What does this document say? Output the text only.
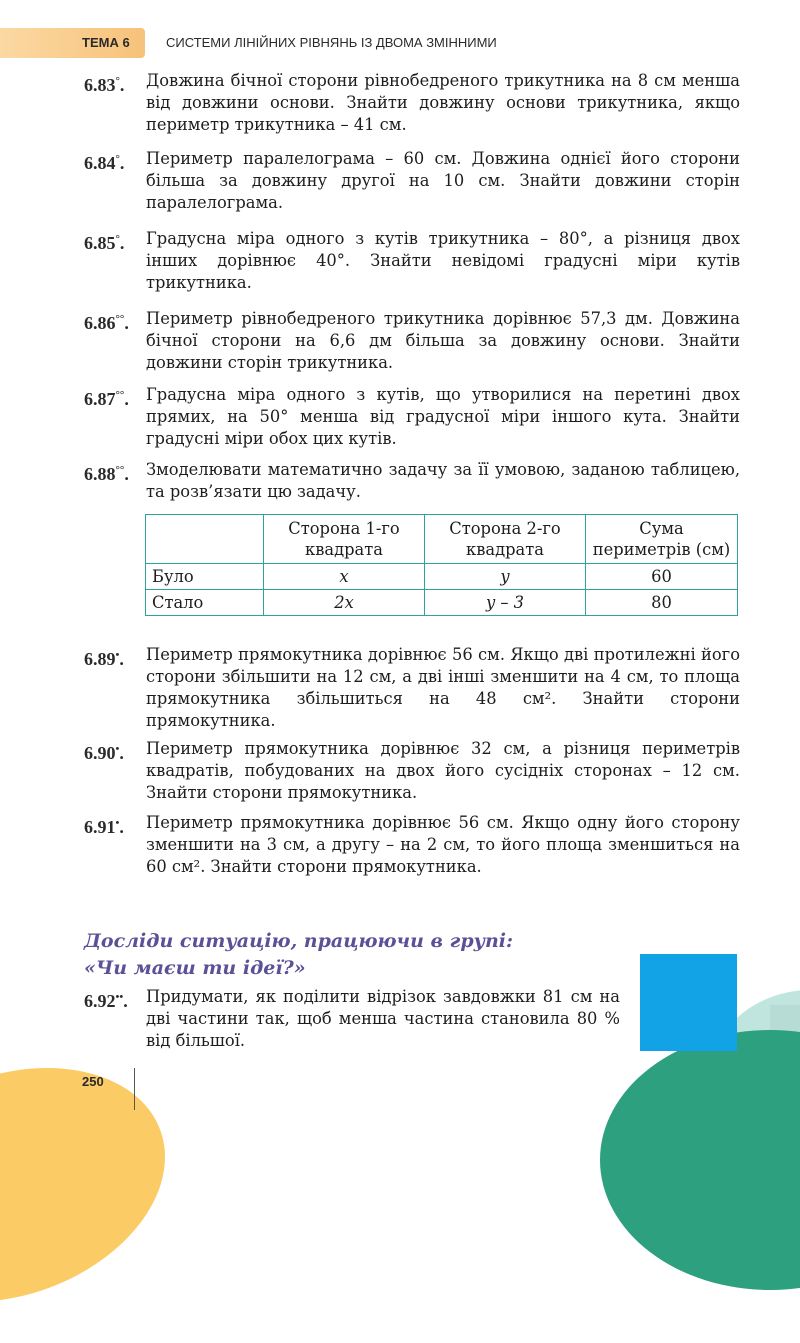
ТЕМА 6	СИСТЕМИ ЛІНІЙНИХ РІВНЯНЬ ІЗ ДВОМА ЗМІННИМИ
6.83°. Довжина бічної сторони рівнобедреного трикутника на 8 см менша від довжини основи. Знайти довжину основи трикутника, якщо периметр трикутника – 41 см.
6.84°. Периметр паралелограма – 60 см. Довжина однієї його сторони більша за довжину другої на 10 см. Знайти довжини сторін паралелограма.
6.85°. Градусна міра одного з кутів трикутника – 80°, а різниця двох інших дорівнює 40°. Знайти невідомі градусні міри кутів трикутника.
6.86°°. Периметр рівнобедреного трикутника дорівнює 57,3 дм. Довжина бічної сторони на 6,6 дм більша за довжину основи. Знайти довжини сторін трикутника.
6.87°°. Градусна міра одного з кутів, що утворилися на перетині двох прямих, на 50° менша від градусної міри іншого кута. Знайти градусні міри обох цих кутів.
6.88°°. Змоделювати математично задачу за її умовою, заданою таблицею, та розв’язати цю задачу.
	Сторона 1-го квадрата	Сторона 2-го квадрата	Сума периметрів (см)
Було	x	y	60
Стало	2x	y – 3	80
6.89•. Периметр прямокутника дорівнює 56 см. Якщо дві протилежні його сторони збільшити на 12 см, а дві інші зменшити на 4 см, то площа прямокутника збільшиться на 48 см². Знайти сторони прямокутника.
6.90•. Периметр прямокутника дорівнює 32 см, а різниця периметрів квадратів, побудованих на двох його сусідніх сторонах – 12 см. Знайти сторони прямокутника.
6.91•. Периметр прямокутника дорівнює 56 см. Якщо одну його сторону зменшити на 3 см, а другу – на 2 см, то його площа зменшиться на 60 см². Знайти сторони прямокутника.
Досліди ситуацію, працюючи в групі:
«Чи маєш ти ідеї?»
6.92••. Придумати, як поділити відрізок завдовжки 81 см на дві частини так, щоб менша частина становила 80 % від більшої.
250
